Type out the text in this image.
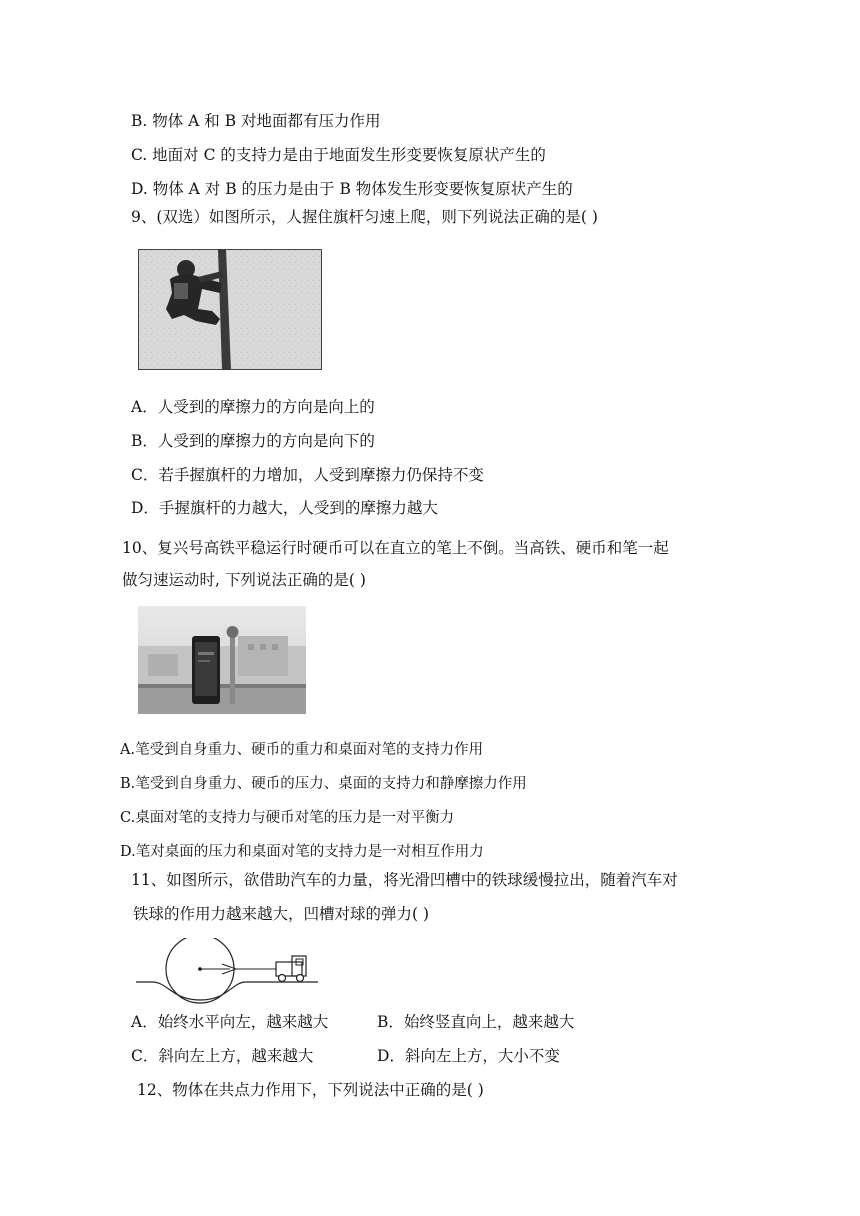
B. 物体 A 和 B 对地面都有压力作用
C. 地面对 C 的支持力是由于地面发生形变要恢复原状产生的
D. 物体 A 对 B 的压力是由于 B 物体发生形变要恢复原状产生的
9、(双选）如图所示，人握住旗杆匀速上爬，则下列说法正确的是( )
A．人受到的摩擦力的方向是向上的
B．人受到的摩擦力的方向是向下的
C．若手握旗杆的力增加，人受到摩擦力仍保持不变
D．手握旗杆的力越大，人受到的摩擦力越大
10、复兴号高铁平稳运行时硬币可以在直立的笔上不倒。当高铁、硬币和笔一起
做匀速运动时, 下列说法正确的是( )
A.笔受到自身重力、硬币的重力和桌面对笔的支持力作用
B.笔受到自身重力、硬币的压力、桌面的支持力和静摩擦力作用
C.桌面对笔的支持力与硬币对笔的压力是一对平衡力
D.笔对桌面的压力和桌面对笔的支持力是一对相互作用力
11、如图所示，欲借助汽车的力量，将光滑凹槽中的铁球缓慢拉出，随着汽车对
铁球的作用力越来越大，凹槽对球的弹力( )
A．始终水平向左，越来越大	B．始终竖直向上，越来越大
C．斜向左上方，越来越大	D．斜向左上方，大小不变
12、物体在共点力作用下，下列说法中正确的是( )
